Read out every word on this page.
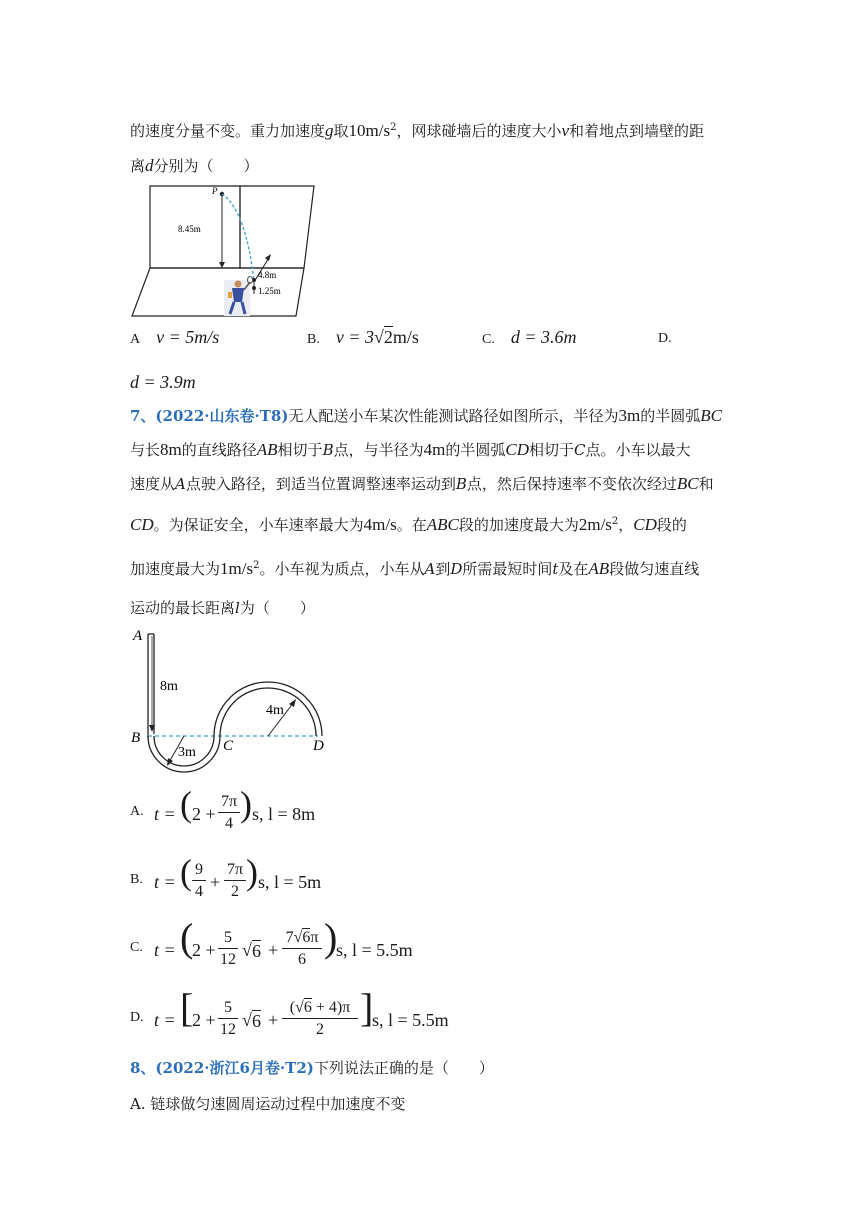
的速度分量不变。重力加速度g取$10m/s^2$，网球碰墙后的速度大小v和着地点到墙壁的距
离d分别为（　　）
P
8.45m
4.8m
1.25m
A v = 5m/s	B. v = 3√2m/s	C. d = 3.6m	D.
d = 3.9m
7、(2022·山东卷·T8)无人配送小车某次性能测试路径如图所示，半径为3m的半圆弧BC
与长8m的直线路径AB相切于B点，与半径为4m的半圆弧CD相切于C点。小车以最大
速度从A点驶入路径，到适当位置调整速率运动到B点，然后保持速率不变依次经过BC和
CD。为保证安全，小车速率最大为4m/s。在ABC段的加速度最大为$2m/s^2$，CD段的
加速度最大为$1m/s^2$。小车视为质点，小车从A到D所需最短时间t及在AB段做匀速直线
运动的最长距离l为（　　）
A
B	C	D
8m
3m
4m
A. t = ( 2 +
7π
4 ) s, l = 8m
B. t = ( 9
4 +
7π
2 ) s, l = 5m
C. t = (
2 +
5
12 √ 6 +
7√6π
6 )
s, l = 5.5m
D. t = [
2 +
5
12 √ 6 +
(√6 + 4)π
2 ]
s, l = 5.5m
8、(2022·浙江6月卷·T2)下列说法正确的是（　　）
A. 链球做匀速圆周运动过程中加速度不变
